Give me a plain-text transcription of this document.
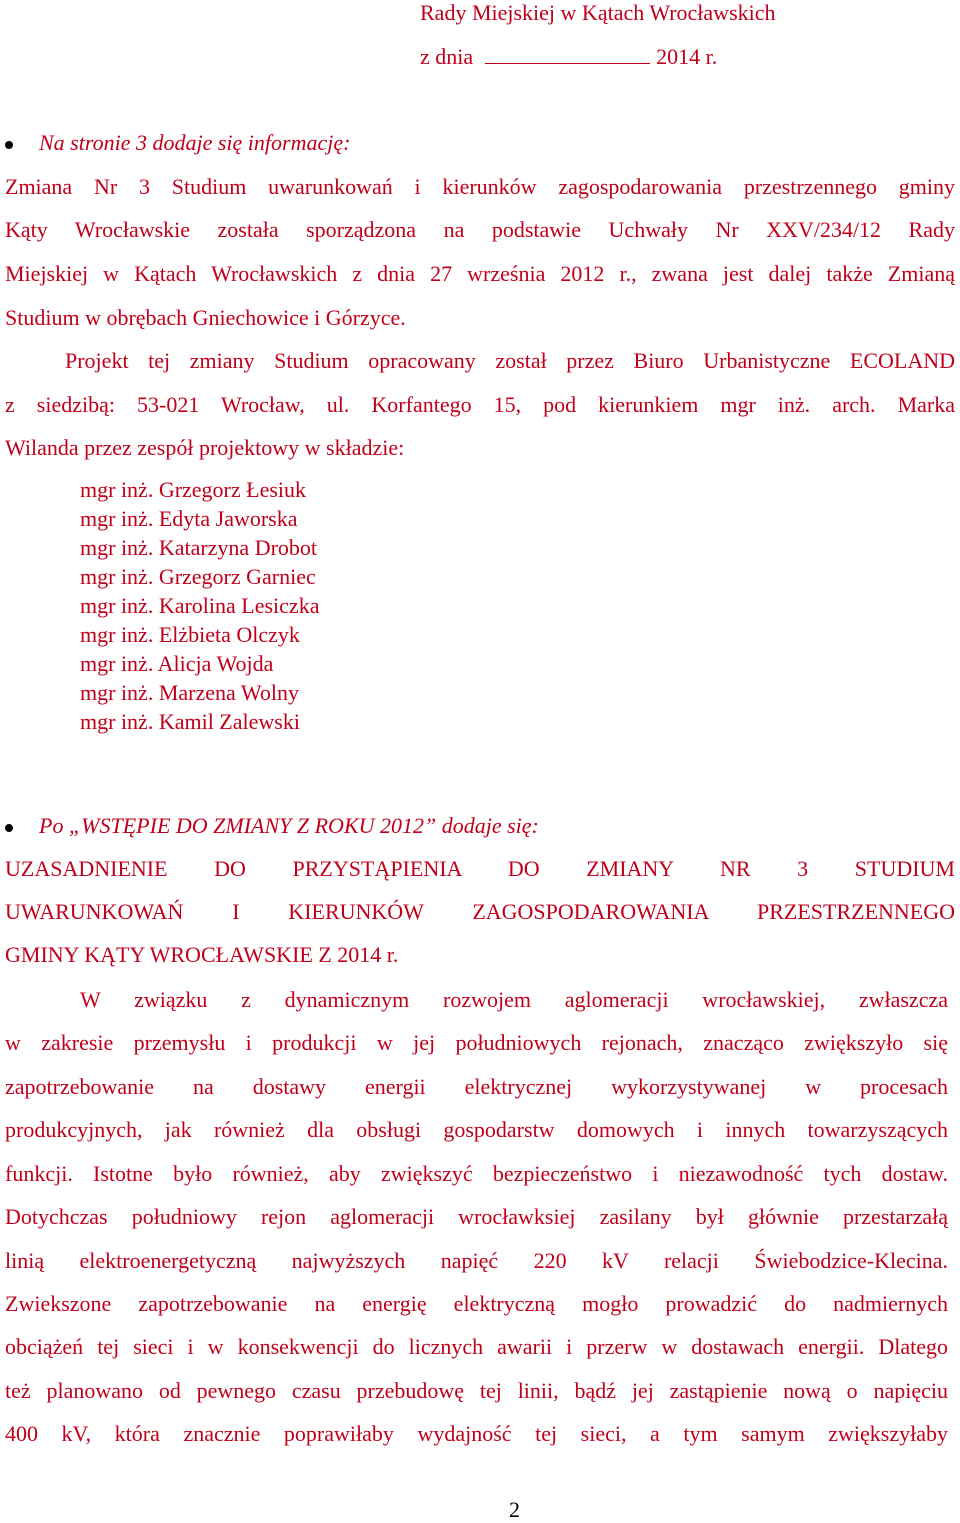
Rady Miejskiej w Kątach Wrocławskich

z dnia	2014 r.

Na stronie 3 dodaje się informację:

Zmiana Nr 3 Studium uwarunkowań i kierunków zagospodarowania przestrzennego gminy

Kąty Wrocławskie została sporządzona na podstawie Uchwały Nr XXV/234/12 Rady

Miejskiej w Kątach Wrocławskich z dnia 27 września 2012 r., zwana jest dalej także Zmianą

Studium w obrębach Gniechowice i Górzyce.

Projekt tej zmiany Studium opracowany został przez Biuro Urbanistyczne ECOLAND

z siedzibą: 53-021 Wrocław, ul. Korfantego 15, pod kierunkiem mgr inż. arch. Marka

Wilanda przez zespół projektowy w składzie:

mgr inż. Grzegorz Łesiuk
mgr inż. Edyta Jaworska
mgr inż. Katarzyna Drobot
mgr inż. Grzegorz Garniec
mgr inż. Karolina Lesiczka
mgr inż. Elżbieta Olczyk
mgr inż. Alicja Wojda
mgr inż. Marzena Wolny
mgr inż. Kamil Zalewski

Po „WSTĘPIE DO ZMIANY Z ROKU 2012” dodaje się:

UZASADNIENIE DO PRZYSTĄPIENIA DO ZMIANY NR 3 STUDIUM

UWARUNKOWAŃ I KIERUNKÓW ZAGOSPODAROWANIA PRZESTRZENNEGO

GMINY KĄTY WROCŁAWSKIE Z 2014 r.

W związku z dynamicznym rozwojem aglomeracji wrocławskiej, zwłaszcza

w zakresie przemysłu i produkcji w jej południowych rejonach, znacząco zwiększyło się

zapotrzebowanie na dostawy energii elektrycznej wykorzystywanej w procesach

produkcyjnych, jak również dla obsługi gospodarstw domowych i innych towarzyszących

funkcji. Istotne było również, aby zwiększyć bezpieczeństwo i niezawodność tych dostaw.

Dotychczas południowy rejon aglomeracji wrocławksiej zasilany był głównie przestarzałą

linią elektroenergetyczną najwyższych napięć 220 kV relacji Świebodzice-Klecina.

Zwiekszone zapotrzebowanie na energię elektryczną mogło prowadzić do nadmiernych

obciążeń tej sieci i w konsekwencji do licznych awarii i przerw w dostawach energii. Dlatego

też planowano od pewnego czasu przebudowę tej linii, bądź jej zastąpienie nową o napięciu

400 kV, która znacznie poprawiłaby wydajność tej sieci, a tym samym zwiększyłaby

2
